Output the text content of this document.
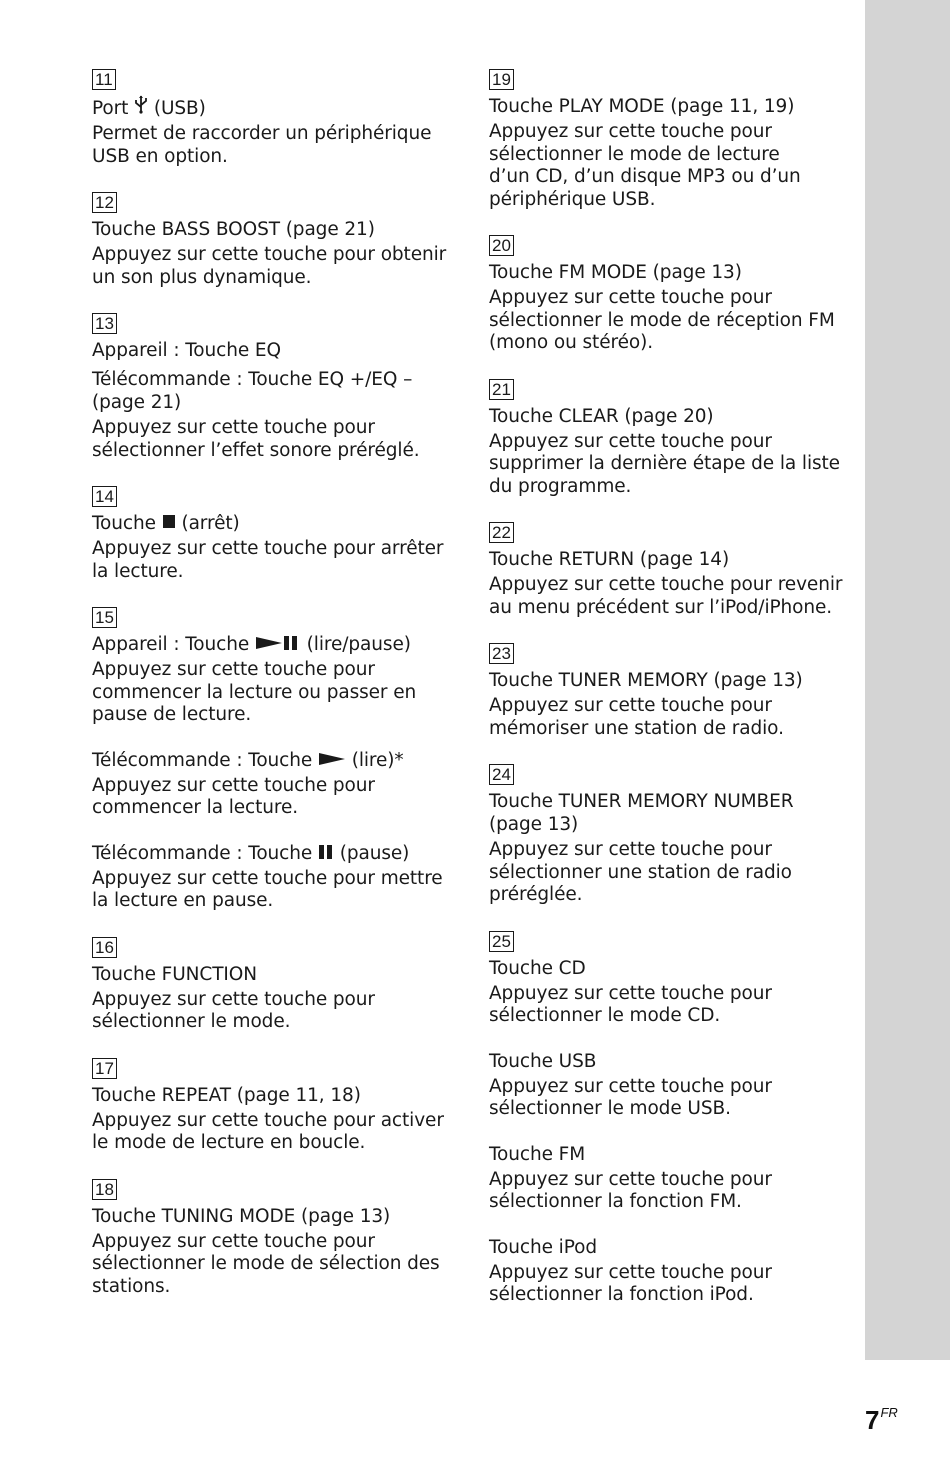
11
Port  (USB)

Permet de raccorder un périphérique
USB en option.

12
Touche BASS BOOST (page 21)

Appuyez sur cette touche pour obtenir
un son plus dynamique.

13
Appareil : Touche EQ
Télécommande : Touche EQ +/EQ –
(page 21)

Appuyez sur cette touche pour
sélectionner l’effet sonore préréglé.

14
Touche  (arrêt)

Appuyez sur cette touche pour arrêter
la lecture.

15
Appareil : Touche  (lire/pause)

Appuyez sur cette touche pour
commencer la lecture ou passer en
pause de lecture.

Télécommande : Touche  (lire)*

Appuyez sur cette touche pour
commencer la lecture.

Télécommande : Touche  (pause)

Appuyez sur cette touche pour mettre
la lecture en pause.

16
Touche FUNCTION

Appuyez sur cette touche pour
sélectionner le mode.

17
Touche REPEAT (page 11, 18)

Appuyez sur cette touche pour activer
le mode de lecture en boucle.

18
Touche TUNING MODE (page 13)

Appuyez sur cette touche pour
sélectionner le mode de sélection des
stations.

19
Touche PLAY MODE (page 11, 19)

Appuyez sur cette touche pour
sélectionner le mode de lecture
d’un CD, d’un disque MP3 ou d’un
périphérique USB.

20
Touche FM MODE (page 13)

Appuyez sur cette touche pour
sélectionner le mode de réception FM
(mono ou stéréo).

21
Touche CLEAR (page 20)

Appuyez sur cette touche pour
supprimer la dernière étape de la liste
du programme.

22
Touche RETURN (page 14)

Appuyez sur cette touche pour revenir
au menu précédent sur l’iPod/iPhone.

23
Touche TUNER MEMORY (page 13)

Appuyez sur cette touche pour
mémoriser une station de radio.

24
Touche TUNER MEMORY NUMBER
(page 13)

Appuyez sur cette touche pour
sélectionner une station de radio
préréglée.

25
Touche CD

Appuyez sur cette touche pour
sélectionner le mode CD.

Touche USB

Appuyez sur cette touche pour
sélectionner le mode USB.

Touche FM

Appuyez sur cette touche pour
sélectionner la fonction FM.

Touche iPod

Appuyez sur cette touche pour
sélectionner la fonction iPod.

$7^{FR}$
